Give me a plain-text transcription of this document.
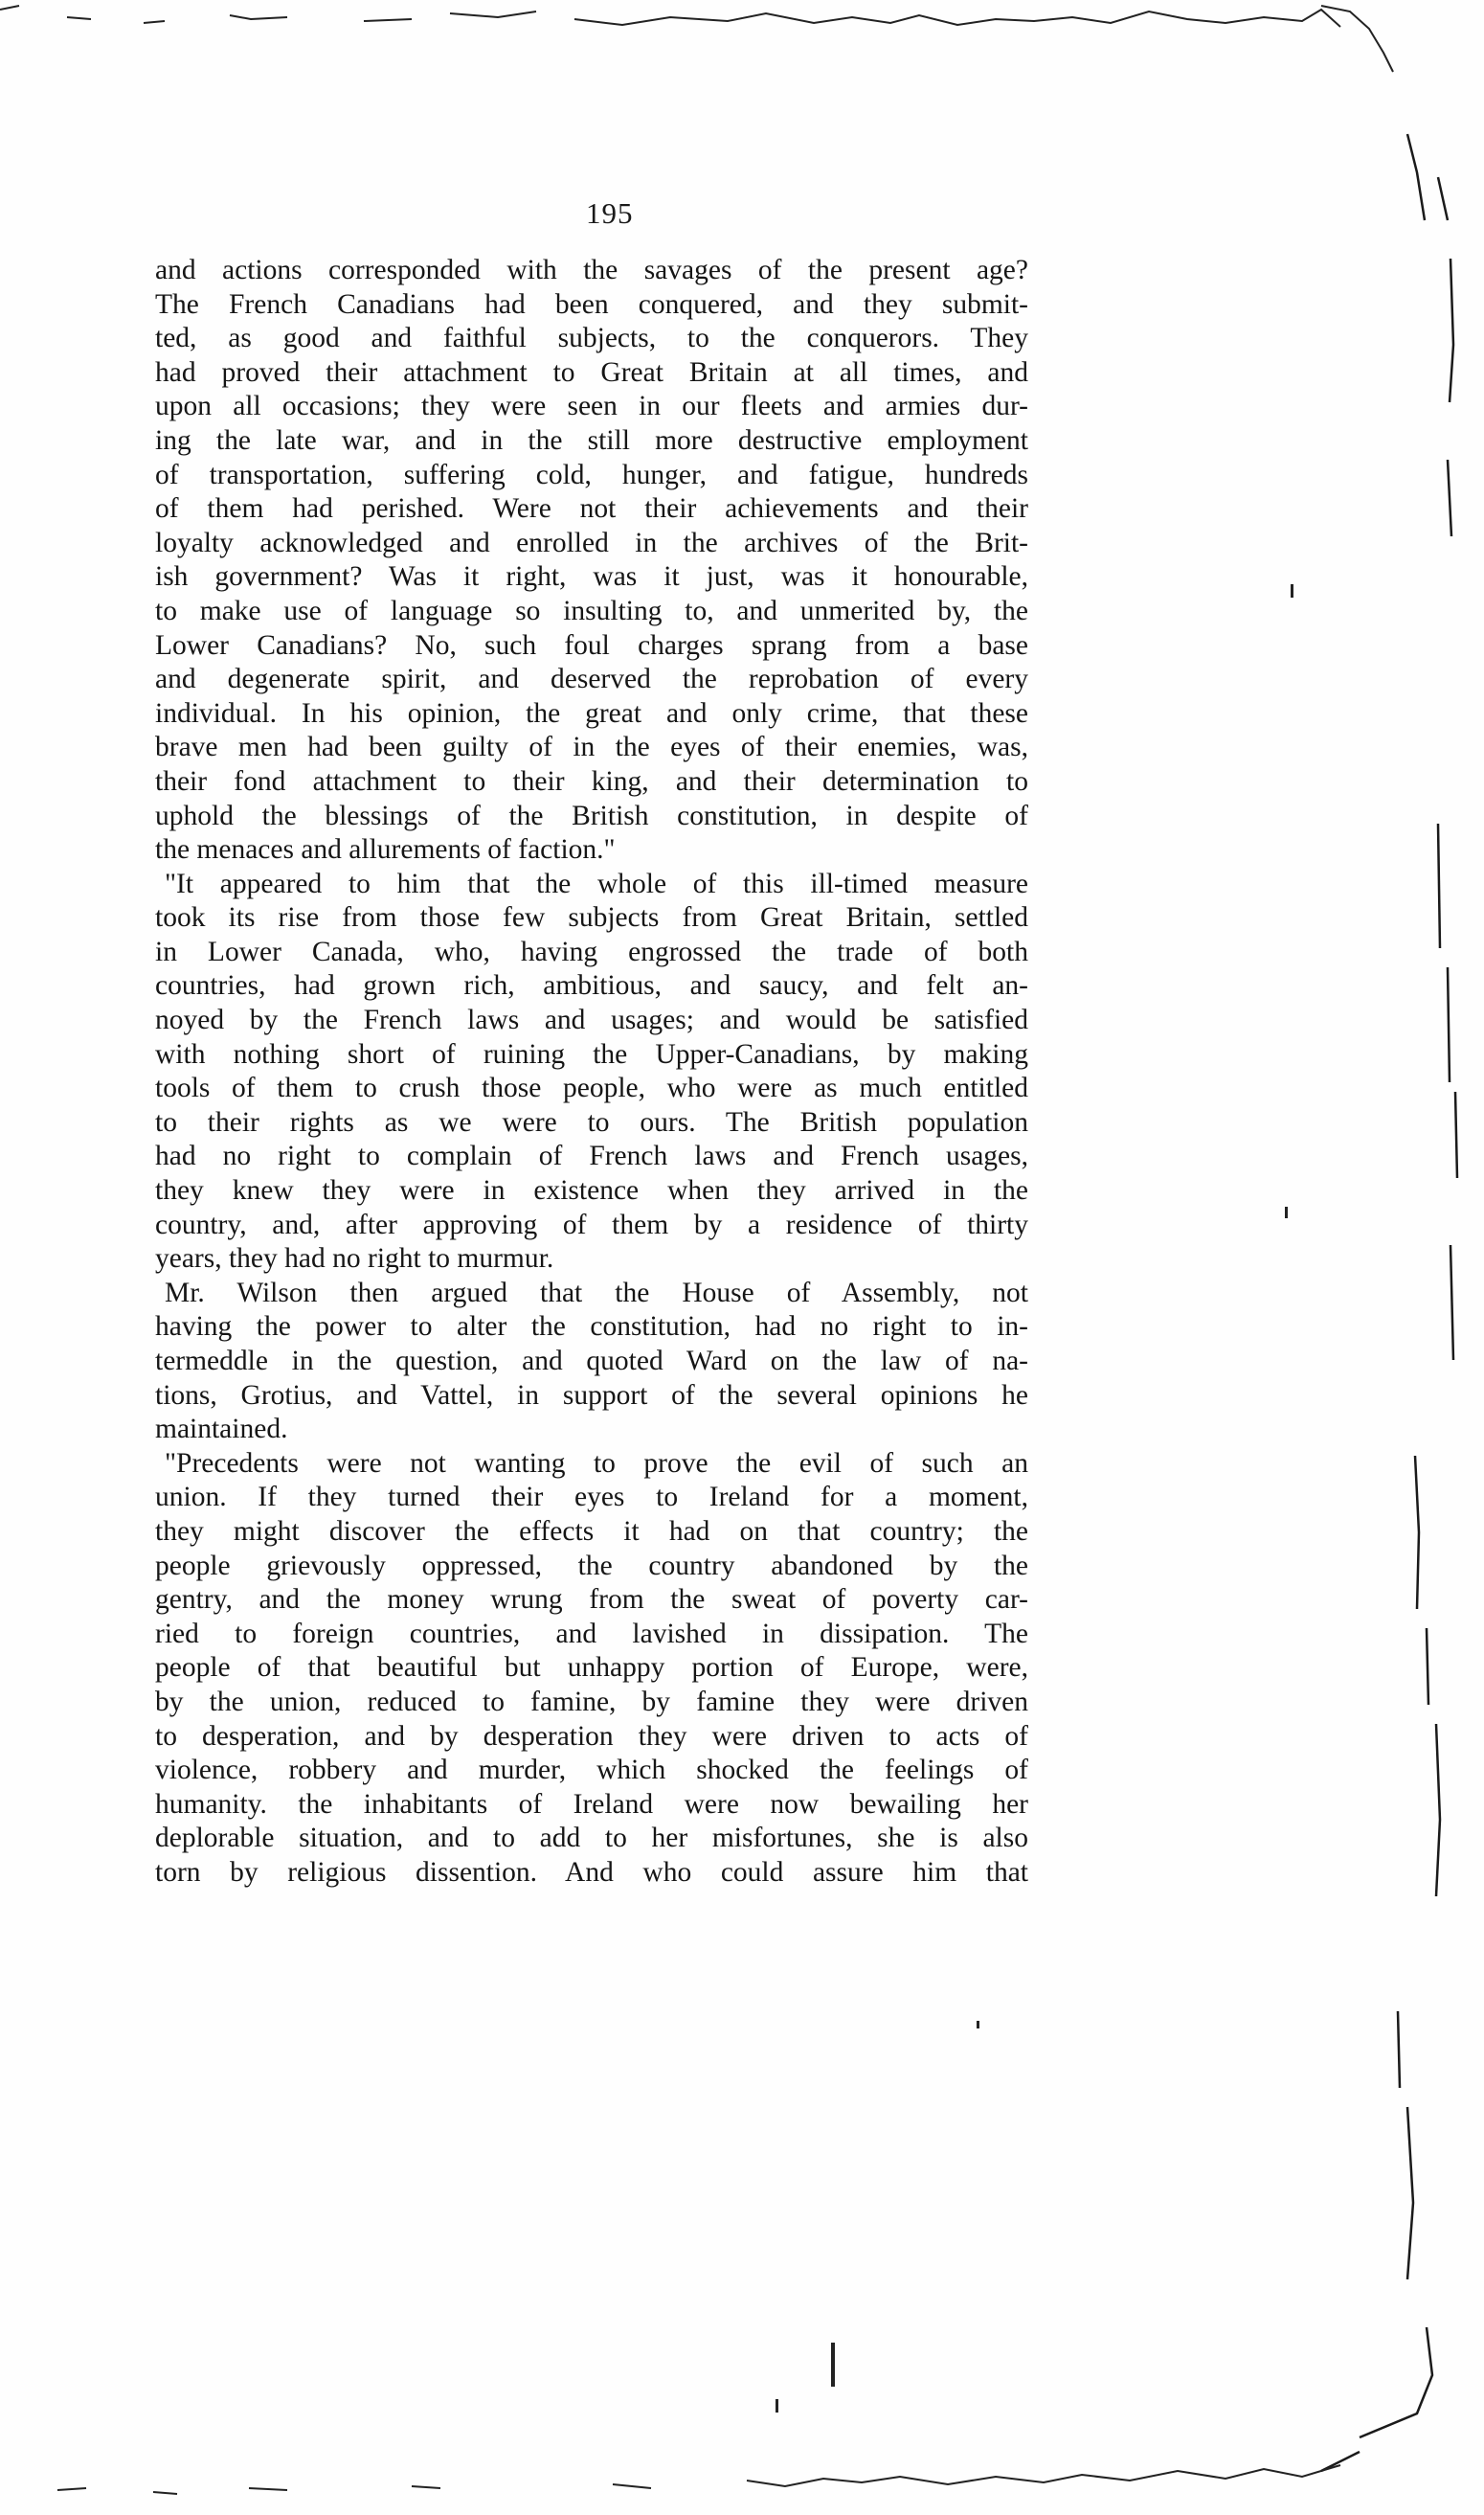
195
and actions corresponded with the savages of the present age?
The French Canadians had been conquered, and they submit-
ted, as good and faithful subjects, to the conquerors. They
had proved their attachment to Great Britain at all times, and
upon all occasions; they were seen in our fleets and armies dur-
ing the late war, and in the still more destructive employment
of transportation, suffering cold, hunger, and fatigue, hundreds
of them had perished. Were not their achievements and their
loyalty acknowledged and enrolled in the archives of the Brit-
ish government? Was it right, was it just, was it honourable,
to make use of language so insulting to, and unmerited by, the
Lower Canadians? No, such foul charges sprang from a base
and degenerate spirit, and deserved the reprobation of every
individual. In his opinion, the great and only crime, that these
brave men had been guilty of in the eyes of their enemies, was,
their fond attachment to their king, and their determination to
uphold the blessings of the British constitution, in despite of
the menaces and allurements of faction."
"It appeared to him that the whole of this ill-timed measure
took its rise from those few subjects from Great Britain, settled
in Lower Canada, who, having engrossed the trade of both
countries, had grown rich, ambitious, and saucy, and felt an-
noyed by the French laws and usages; and would be satisfied
with nothing short of ruining the Upper-Canadians, by making
tools of them to crush those people, who were as much entitled
to their rights as we were to ours. The British population
had no right to complain of French laws and French usages,
they knew they were in existence when they arrived in the
country, and, after approving of them by a residence of thirty
years, they had no right to murmur.
Mr. Wilson then argued that the House of Assembly, not
having the power to alter the constitution, had no right to in-
termeddle in the question, and quoted Ward on the law of na-
tions, Grotius, and Vattel, in support of the several opinions he
maintained.
"Precedents were not wanting to prove the evil of such an
union. If they turned their eyes to Ireland for a moment,
they might discover the effects it had on that country; the
people grievously oppressed, the country abandoned by the
gentry, and the money wrung from the sweat of poverty car-
ried to foreign countries, and lavished in dissipation. The
people of that beautiful but unhappy portion of Europe, were,
by the union, reduced to famine, by famine they were driven
to desperation, and by desperation they were driven to acts of
violence, robbery and murder, which shocked the feelings of
humanity. the inhabitants of Ireland were now bewailing her
deplorable situation, and to add to her misfortunes, she is also
torn by religious dissention. And who could assure him that
